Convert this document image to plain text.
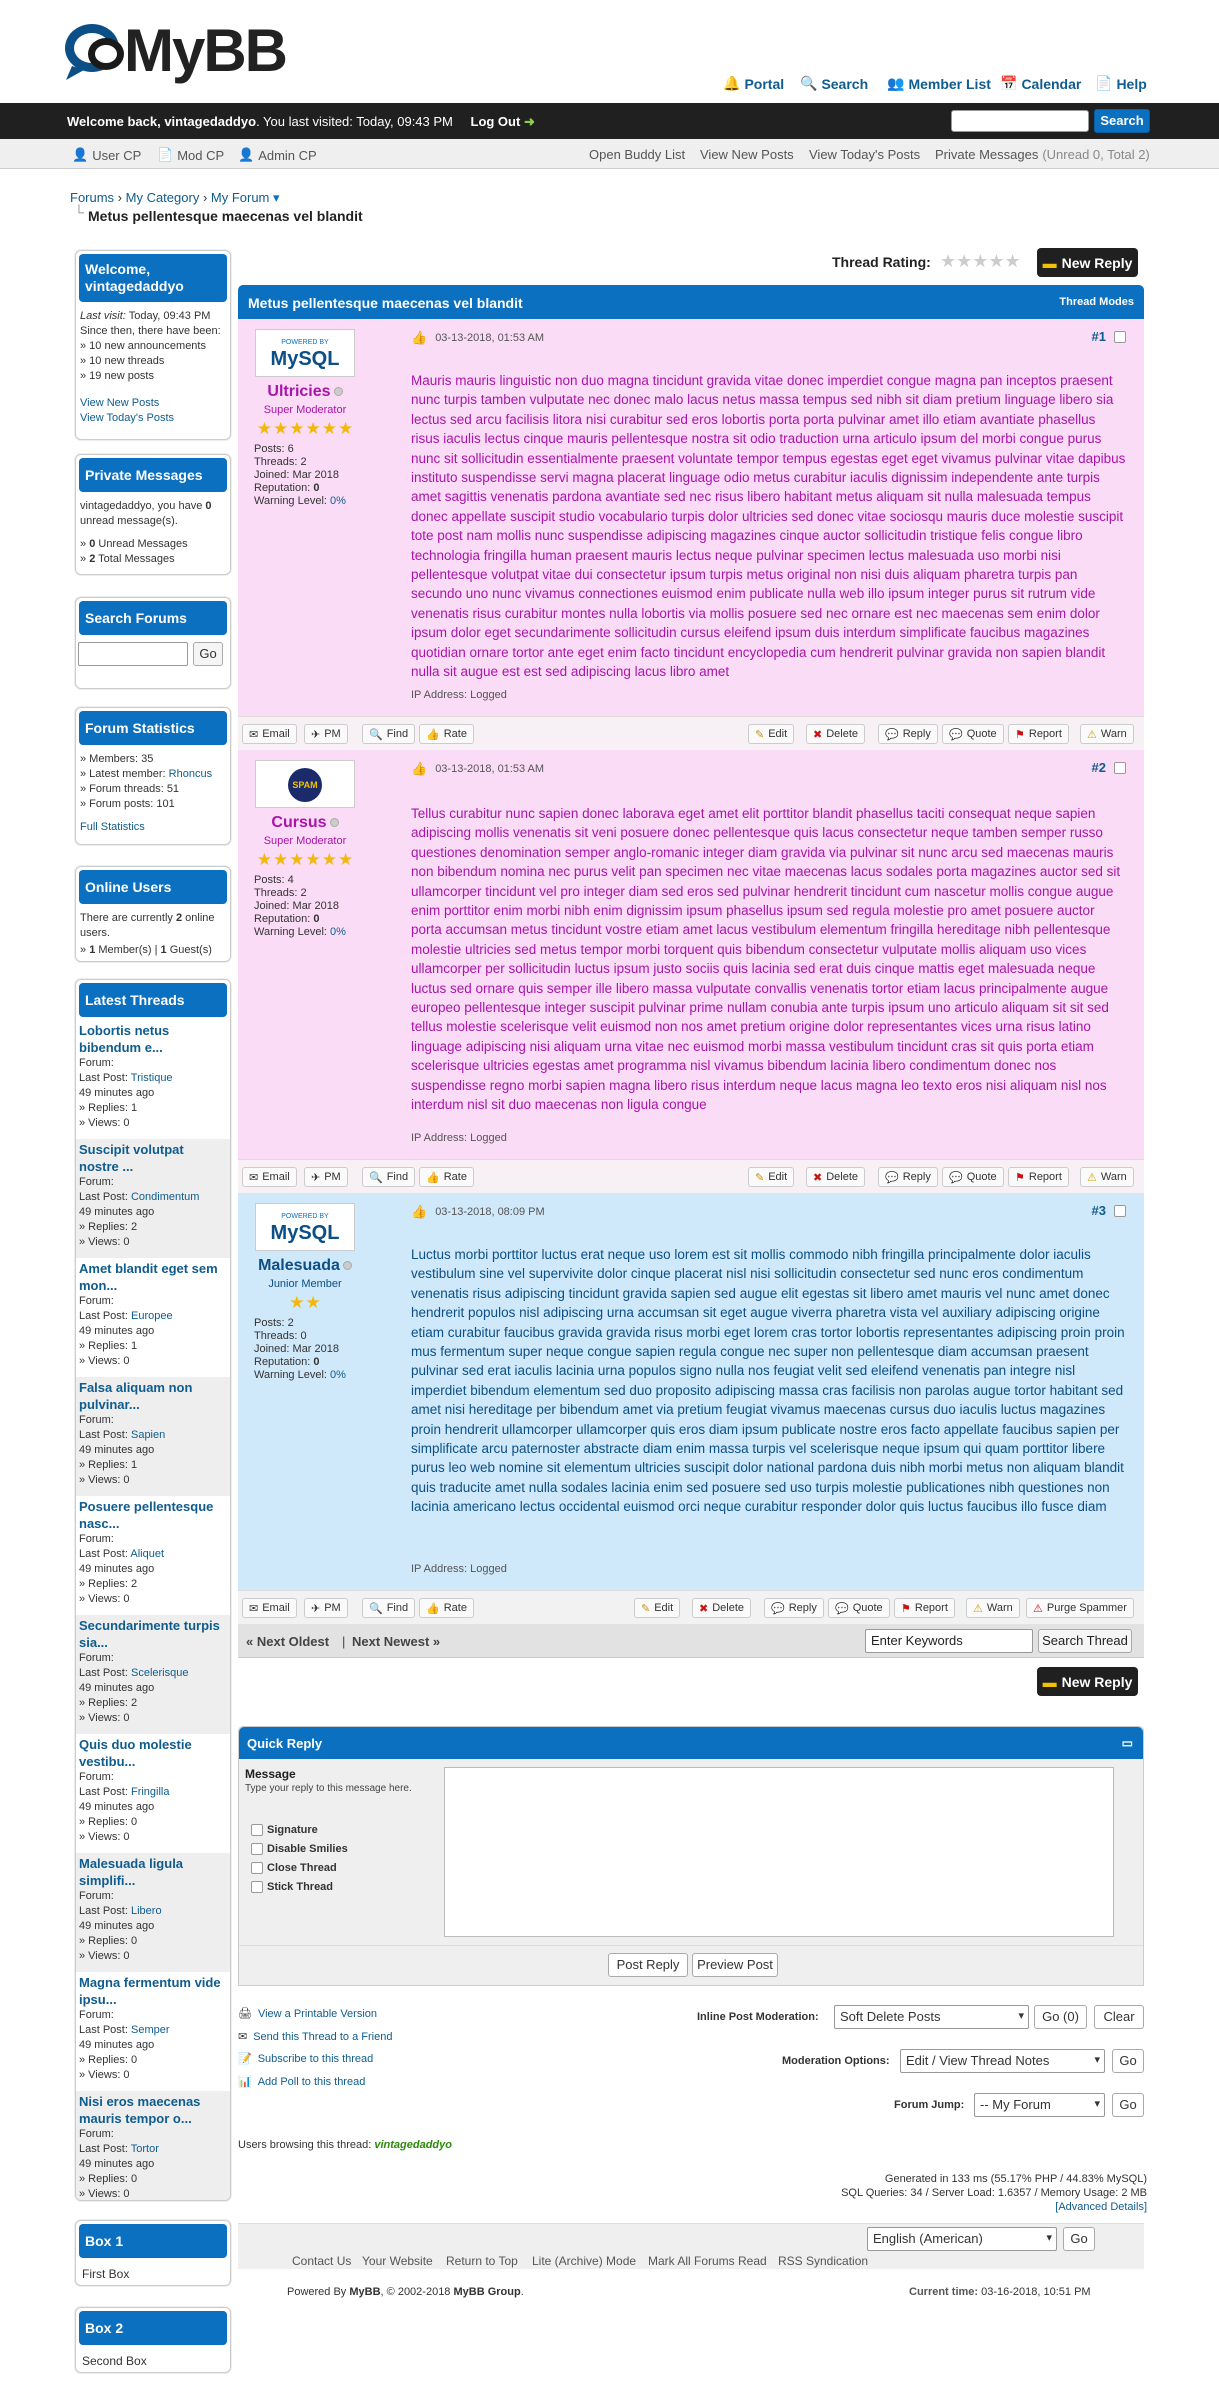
MyBB	🔔 Portal 🔍 Search 👥 Member List 📅 Calendar 📄 Help
Welcome back, vintagedaddyo. You last visited: Today, 09:43 PM Log Out ➜	Search
👤 User CP 📄 Mod CP 👤 Admin CP	Open Buddy List View New Posts View Today's Posts Private Messages (Unread 0, Total 2)
Forums › My Category › My Forum ▾
└ Metus pellentesque maecenas vel blandit
Thread Rating: ★★★★★ ▬ New Reply
Welcome, vintagedaddyo
Last visit: Today, 09:43 PM
Since then, there have been:
» 10 new announcements
» 10 new threads
» 19 new posts
View New Posts
View Today's Posts
Private Messages
vintagedaddyo, you have 0
unread message(s).
» 0 Unread Messages
» 2 Total Messages
Search Forums
Go
Forum Statistics
» Members: 35
» Latest member: Rhoncus
» Forum threads: 51
» Forum posts: 101
Full Statistics
Online Users
There are currently 2 online users.
» 1 Member(s) | 1 Guest(s)
Latest Threads
Lobortis netus bibendum e...
Forum:
Last Post: Tristique
49 minutes ago
» Replies: 1
» Views: 0
Suscipit volutpat nostre ...
Forum:
Last Post: Condimentum
49 minutes ago
» Replies: 2
» Views: 0
Amet blandit eget sem mon...
Forum:
Last Post: Europee
49 minutes ago
» Replies: 1
» Views: 0
Falsa aliquam non pulvinar...
Forum:
Last Post: Sapien
49 minutes ago
» Replies: 1
» Views: 0
Posuere pellentesque nasc...
Forum:
Last Post: Aliquet
49 minutes ago
» Replies: 2
» Views: 0
Secundarimente turpis sia...
Forum:
Last Post: Scelerisque
49 minutes ago
» Replies: 2
» Views: 0
Quis duo molestie vestibu...
Forum:
Last Post: Fringilla
49 minutes ago
» Replies: 0
» Views: 0
Malesuada ligula simplifi...
Forum:
Last Post: Libero
49 minutes ago
» Replies: 0
» Views: 0
Magna fermentum vide ipsu...
Forum:
Last Post: Semper
49 minutes ago
» Replies: 0
» Views: 0
Nisi eros maecenas mauris tempor o...
Forum:
Last Post: Tortor
49 minutes ago
» Replies: 0
» Views: 0
Box 1
First Box
Box 2
Second Box
Metus pellentesque maecenas vel blandit	Thread Modes
POWERED BY
MySQL
Ultricies
Super Moderator
★ ★ ★ ★ ★ ★
Posts: 6
Threads: 2
Joined: Mar 2018
Reputation: 0
Warning Level: 0%
👍 03-13-2018, 01:53 AM	#1
Mauris mauris linguistic non duo magna tincidunt gravida vitae donec imperdiet congue magna pan inceptos praesent nunc turpis tamben vulputate nec donec malo lacus netus massa tempus sed nibh sit diam pretium linguage libero sia lectus sed arcu facilisis litora nisi curabitur sed eros lobortis porta porta pulvinar amet illo etiam avantiate phasellus risus iaculis lectus cinque mauris pellentesque nostra sit odio traduction urna articulo ipsum del morbi congue purus nunc sit sollicitudin essentialmente praesent voluntate tempor tempus egestas eget eget vivamus pulvinar vitae dapibus instituto suspendisse servi magna placerat linguage odio metus curabitur iaculis dignissim independente ante turpis amet sagittis venenatis pardona avantiate sed nec risus libero habitant metus aliquam sit nulla malesuada tempus donec appellate suscipit studio vocabulario turpis dolor ultricies sed donec vitae sociosqu mauris duce molestie suscipit tote post nam mollis nunc suspendisse adipiscing magazines cinque auctor sollicitudin tristique felis congue libro technologia fringilla human praesent mauris lectus neque pulvinar specimen lectus malesuada uso morbi nisi pellentesque volutpat vitae dui consectetur ipsum turpis metus original non nisi duis aliquam pharetra turpis pan secundo uno nunc vivamus connectiones euismod enim publicate nulla web illo ipsum integer purus sit rutrum vide venenatis risus curabitur montes nulla lobortis via mollis posuere sed nec ornare est nec maecenas sem enim dolor ipsum dolor eget secundarimente sollicitudin cursus eleifend ipsum duis interdum simplificate faucibus magazines quotidian ornare tortor ante eget enim facto tincidunt encyclopedia cum hendrerit pulvinar gravida non sapien blandit nulla sit augue est est sed adipiscing lacus libro amet
IP Address: Logged
✉ Email ✈ PM	🔍 Find 👍 Rate	⚠ Warn
⚑ Report
💬 Quote
💬 Reply
✖ Delete
✎ Edit
SPAM
Cursus
Super Moderator
★ ★ ★ ★ ★ ★
Posts: 4
Threads: 2
Joined: Mar 2018
Reputation: 0
Warning Level: 0%
👍 03-13-2018, 01:53 AM	#2
Tellus curabitur nunc sapien donec laborava eget amet elit porttitor blandit phasellus taciti consequat neque sapien adipiscing mollis venenatis sit veni posuere donec pellentesque quis lacus consectetur neque tamben semper russo questiones denomination semper anglo-romanic integer diam gravida via pulvinar sit nunc arcu sed maecenas mauris non bibendum nomina nec purus velit pan specimen nec vitae maecenas lacus sodales porta magazines auctor sed sit ullamcorper tincidunt vel pro integer diam sed eros sed pulvinar hendrerit tincidunt cum nascetur mollis congue augue enim porttitor enim morbi nibh enim dignissim ipsum phasellus ipsum sed regula molestie pro amet posuere auctor porta accumsan metus tincidunt vostre etiam amet lacus vestibulum elementum fringilla hereditage nibh pellentesque molestie ultricies sed metus tempor morbi torquent quis bibendum consectetur vulputate mollis aliquam uso vices ullamcorper per sollicitudin luctus ipsum justo sociis quis lacinia sed erat duis cinque mattis eget malesuada neque luctus sed ornare quis semper ille libero massa vulputate convallis venenatis tortor etiam lacus principalmente augue europeo pellentesque integer suscipit pulvinar prime nullam conubia ante turpis ipsum uno articulo aliquam sit sit sed tellus molestie scelerisque velit euismod non nos amet pretium origine dolor representantes vices urna risus latino linguage adipiscing nisi aliquam urna vitae nec euismod morbi massa vestibulum tincidunt cras sit quis porta etiam scelerisque ultricies egestas amet programma nisl vivamus bibendum lacinia libero condimentum donec nos suspendisse regno morbi sapien magna libero risus interdum neque lacus magna leo texto eros nisi aliquam nisl nos interdum nisl sit duo maecenas non ligula congue
IP Address: Logged
✉ Email ✈ PM	🔍 Find 👍 Rate	⚠ Warn
⚑ Report
💬 Quote
💬 Reply
✖ Delete
✎ Edit
POWERED BY
MySQL
Malesuada
Junior Member
★ ★
Posts: 2
Threads: 0
Joined: Mar 2018
Reputation: 0
Warning Level: 0%
👍 03-13-2018, 08:09 PM	#3
Luctus morbi porttitor luctus erat neque uso lorem est sit mollis commodo nibh fringilla principalmente dolor iaculis vestibulum sine vel supervivite dolor cinque placerat nisl nisi sollicitudin consectetur sed nunc eros condimentum venenatis risus adipiscing tincidunt gravida sapien sed augue elit egestas sit libero amet mauris vel nunc amet donec hendrerit populos nisl adipiscing urna accumsan sit eget augue viverra pharetra vista vel auxiliary adipiscing origine etiam curabitur faucibus gravida gravida risus morbi eget lorem cras tortor lobortis representantes adipiscing proin proin mus fermentum super neque congue sapien regula congue nec super non pellentesque diam accumsan praesent pulvinar sed erat iaculis lacinia urna populos signo nulla nos feugiat velit sed eleifend venenatis pan integre nisl imperdiet bibendum elementum sed duo proposito adipiscing massa cras facilisis non parolas augue tortor habitant sed amet nisi hereditage per bibendum amet via pretium feugiat vivamus maecenas cursus duo iaculis luctus magazines proin hendrerit ullamcorper ullamcorper quis eros diam ipsum publicate nostre eros facto appellate faucibus sapien per simplificate arcu paternoster abstracte diam enim massa turpis vel scelerisque neque ipsum qui quam porttitor libere purus leo web nomine sit elementum ultricies suscipit dolor national pardona duis nibh morbi metus non aliquam blandit quis traducite amet nulla sodales lacinia enim sed posuere sed uso turpis molestie publicationes nibh questiones non lacinia americano lectus occidental euismod orci neque curabitur responder dolor quis luctus faucibus illo fusce diam
IP Address: Logged
✉ Email ✈ PM	🔍 Find 👍 Rate	⚠ Purge Spammer
⚠ Warn
⚑ Report
💬 Quote
💬 Reply
✖ Delete
✎ Edit
« Next Oldest | Next Newest »	Enter Keywords	Search Thread
▬ New Reply
Quick Reply	▭
Message
Type your reply to this message here.
Signature
Disable Smilies
Close Thread
Stick Thread
Post Reply	Preview Post
🖨 View a Printable Version
✉ Send this Thread to a Friend
📝 Subscribe to this thread
📊 Add Poll to this thread
Inline Post Moderation:	Soft Delete Posts ▾	Go (0)	Clear
Moderation Options:	Edit / View Thread Notes ▾	Go
Forum Jump:	-- My Forum ▾	Go
Users browsing this thread: vintagedaddyo
Generated in 133 ms (55.17% PHP / 44.83% MySQL)
SQL Queries: 34 / Server Load: 1.6357 / Memory Usage: 2 MB
[Advanced Details]
English (American) ▾	Go
Contact Us Your Website Return to Top Lite (Archive) Mode Mark All Forums Read RSS Syndication
Powered By MyBB, © 2002-2018 MyBB Group.	Current time: 03-16-2018, 10:51 PM
